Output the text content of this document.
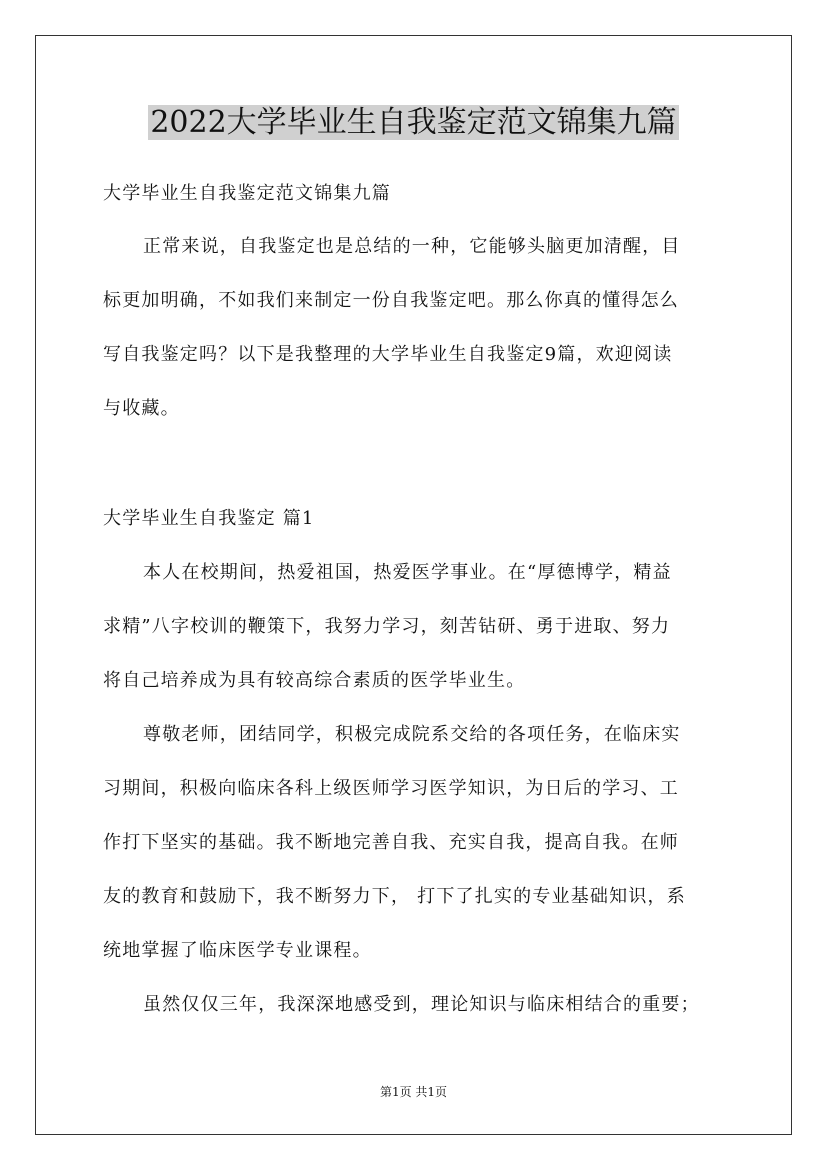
2022大学毕业生自我鉴定范文锦集九篇
大学毕业生自我鉴定范文锦集九篇
正常来说，自我鉴定也是总结的一种，它能够头脑更加清醒，目
标更加明确，不如我们来制定一份自我鉴定吧。那么你真的懂得怎么
写自我鉴定吗？以下是我整理的大学毕业生自我鉴定9篇，欢迎阅读
与收藏。
大学毕业生自我鉴定 篇1
本人在校期间，热爱祖国，热爱医学事业。在“厚德博学，精益
求精”八字校训的鞭策下，我努力学习，刻苦钻研、勇于进取、努力
将自己培养成为具有较高综合素质的医学毕业生。
尊敬老师，团结同学，积极完成院系交给的各项任务，在临床实
习期间，积极向临床各科上级医师学习医学知识，为日后的学习、工
作打下坚实的基础。我不断地完善自我、充实自我，提高自我。在师
友的教育和鼓励下，我不断努力下， 打下了扎实的专业基础知识，系
统地掌握了临床医学专业课程。
虽然仅仅三年，我深深地感受到，理论知识与临床相结合的重要；
第1页 共1页
